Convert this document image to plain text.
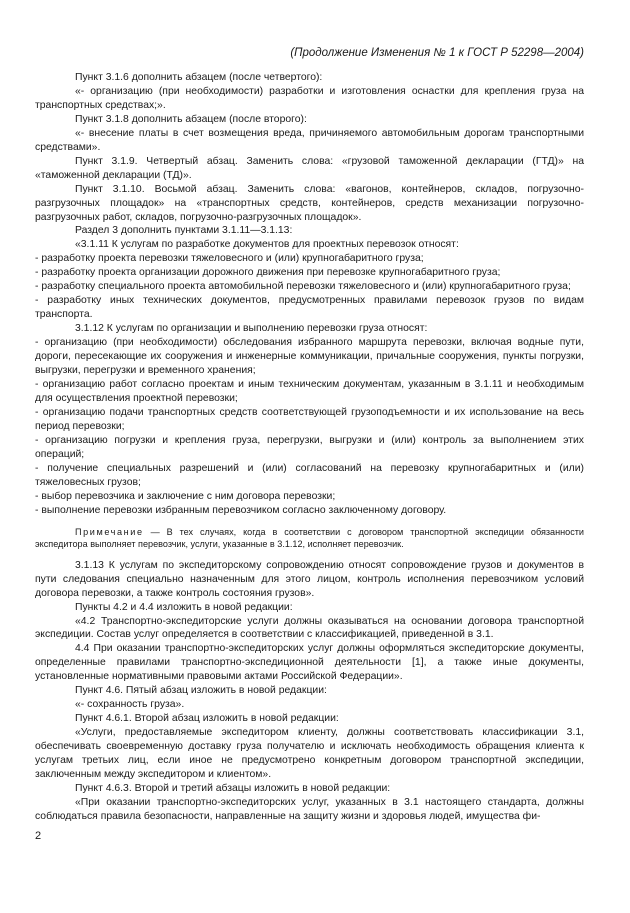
(Продолжение Изменения № 1 к ГОСТ Р 52298—2004)

Пункт 3.1.6 дополнить абзацем (после четвертого):

«- организацию (при необходимости) разработки и изготовления оснастки для крепления груза на транспортных средствах;».

Пункт 3.1.8 дополнить абзацем (после второго):

«- внесение платы в счет возмещения вреда, причиняемого автомобильным дорогам транспортными средствами».

Пункт 3.1.9. Четвертый абзац. Заменить слова: «грузовой таможенной декларации (ГТД)» на «таможенной декларации (ТД)».

Пункт 3.1.10. Восьмой абзац. Заменить слова: «вагонов, контейнеров, складов, погрузочно-разгрузочных площадок» на «транспортных средств, контейнеров, средств механизации погрузочно-разгрузочных работ, складов, погрузочно-разгрузочных площадок».

Раздел 3 дополнить пунктами 3.1.11—3.1.13:

«3.1.11 К услугам по разработке документов для проектных перевозок относят:

- разработку проекта перевозки тяжеловесного и (или) крупногабаритного груза;

- разработку проекта организации дорожного движения при перевозке крупногабаритного груза;

- разработку специального проекта автомобильной перевозки тяжеловесного и (или) крупногабаритного груза;

- разработку иных технических документов, предусмотренных правилами перевозок грузов по видам транспорта.

3.1.12 К услугам по организации и выполнению перевозки груза относят:

- организацию (при необходимости) обследования избранного маршрута перевозки, включая водные пути, дороги, пересекающие их сооружения и инженерные коммуникации, причальные сооружения, пункты погрузки, выгрузки, перегрузки и временного хранения;

- организацию работ согласно проектам и иным техническим документам, указанным в 3.1.11 и необходимым для осуществления проектной перевозки;

- организацию подачи транспортных средств соответствующей грузоподъемности и их использование на весь период перевозки;

- организацию погрузки и крепления груза, перегрузки, выгрузки и (или) контроль за выполнением этих операций;

- получение специальных разрешений и (или) согласований на перевозку крупногабаритных и (или) тяжеловесных грузов;

- выбор перевозчика и заключение с ним договора перевозки;

- выполнение перевозки избранным перевозчиком согласно заключенному договору.

Примечание — В тех случаях, когда в соответствии с договором транспортной экспедиции обязанности экспедитора выполняет перевозчик, услуги, указанные в 3.1.12, исполняет перевозчик.

3.1.13 К услугам по экспедиторскому сопровождению относят сопровождение грузов и документов в пути следования специально назначенным для этого лицом, контроль исполнения перевозчиком условий договора перевозки, а также контроль состояния грузов».

Пункты 4.2 и 4.4 изложить в новой редакции:

«4.2 Транспортно-экспедиторские услуги должны оказываться на основании договора транспортной экспедиции. Состав услуг определяется в соответствии с классификацией, приведенной в 3.1.

4.4 При оказании транспортно-экспедиторских услуг должны оформляться экспедиторские документы, определенные правилами транспортно-экспедиционной деятельности [1], а также иные документы, установленные нормативными правовыми актами Российской Федерации».

Пункт 4.6. Пятый абзац изложить в новой редакции:

«- сохранность груза».

Пункт 4.6.1. Второй абзац изложить в новой редакции:

«Услуги, предоставляемые экспедитором клиенту, должны соответствовать классификации 3.1, обеспечивать своевременную доставку груза получателю и исключать необходимость обращения клиента к услугам третьих лиц, если иное не предусмотрено конкретным договором транспортной экспедиции, заключенным между экспедитором и клиентом».

Пункт 4.6.3. Второй и третий абзацы изложить в новой редакции:

«При оказании транспортно-экспедиторских услуг, указанных в 3.1 настоящего стандарта, должны соблюдаться правила безопасности, направленные на защиту жизни и здоровья людей, имущества фи-

2
